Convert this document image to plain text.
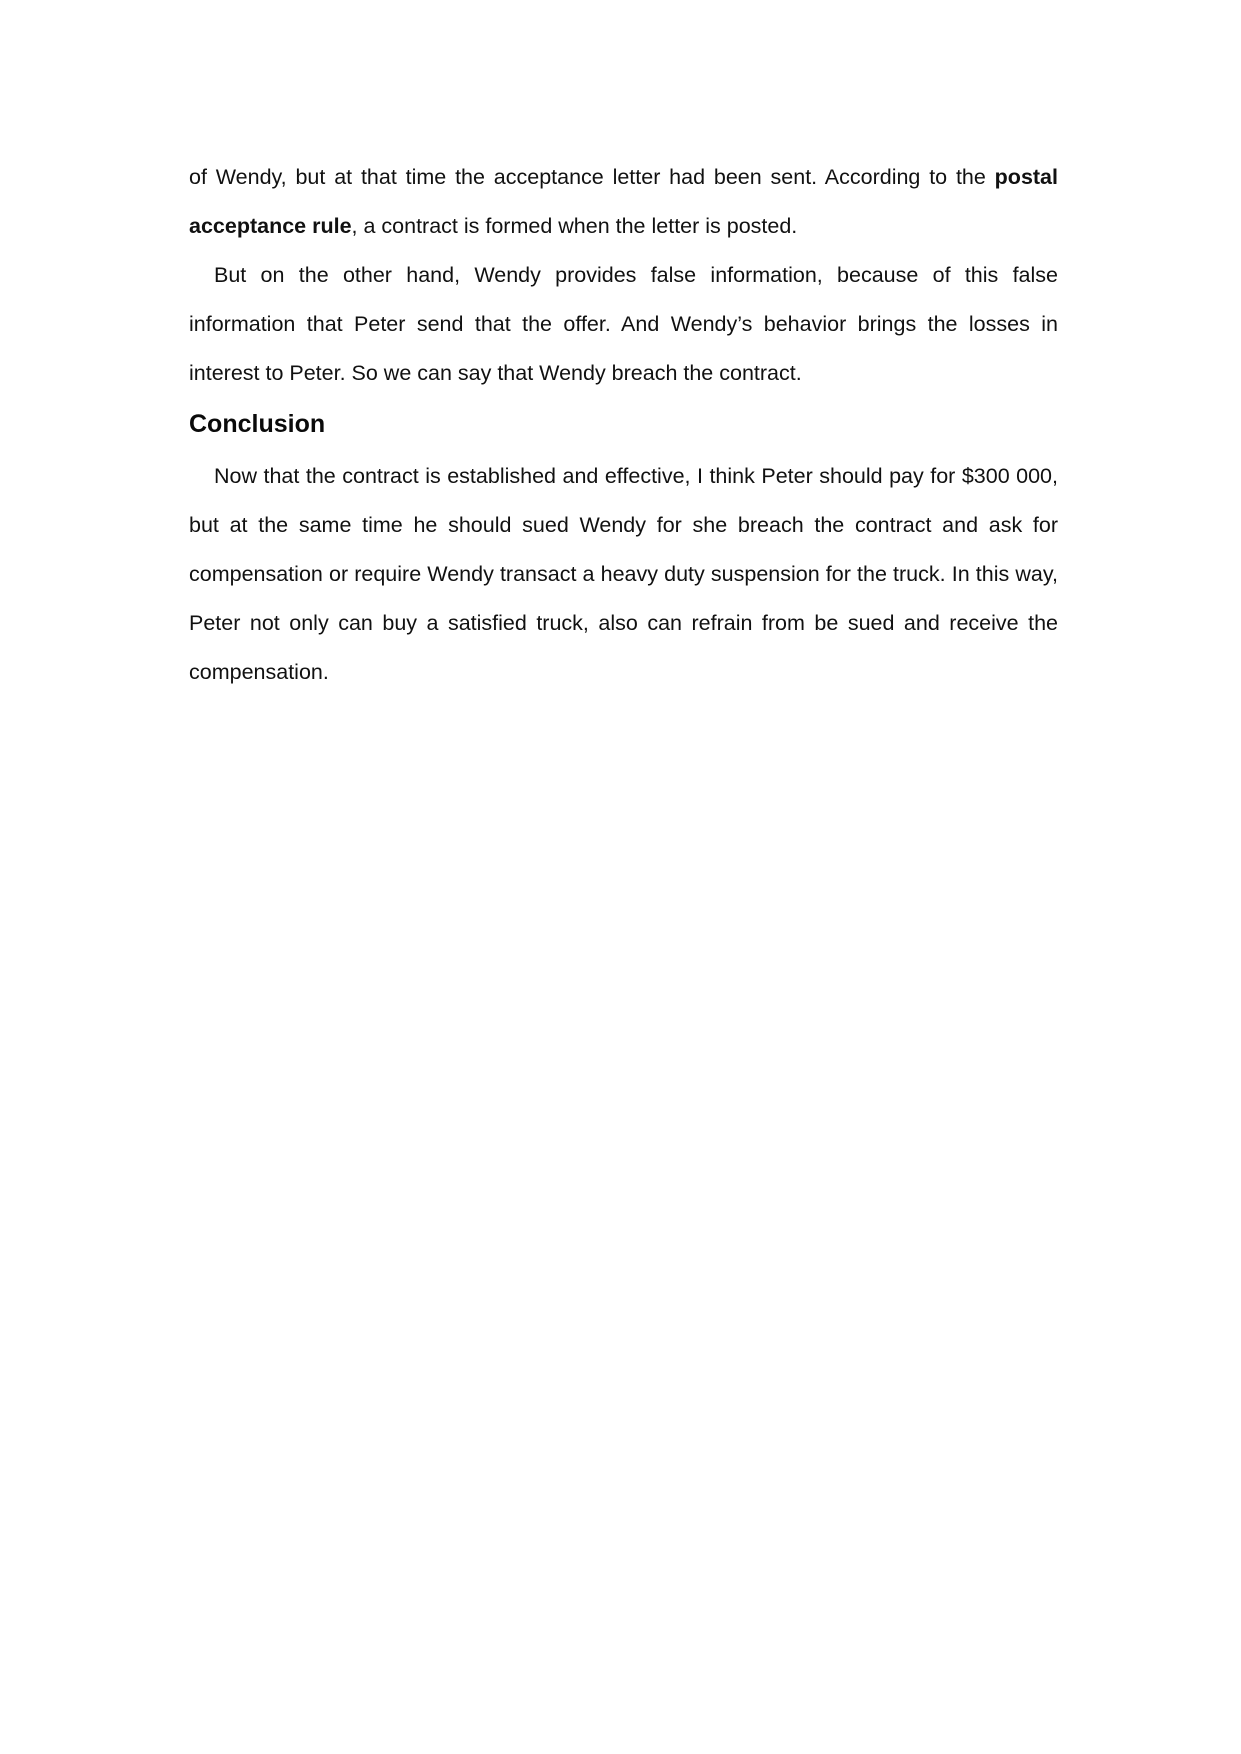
of Wendy, but at that time the acceptance letter had been sent. According to the postal acceptance rule, a contract is formed when the letter is posted.

But on the other hand, Wendy provides false information, because of this false information that Peter send that the offer. And Wendy’s behavior brings the losses in interest to Peter. So we can say that Wendy breach the contract.

Conclusion

Now that the contract is established and effective, I think Peter should pay for $300 000, but at the same time he should sued Wendy for she breach the contract and ask for compensation or require Wendy transact a heavy duty suspension for the truck. In this way, Peter not only can buy a satisfied truck, also can refrain from be sued and receive the compensation.
